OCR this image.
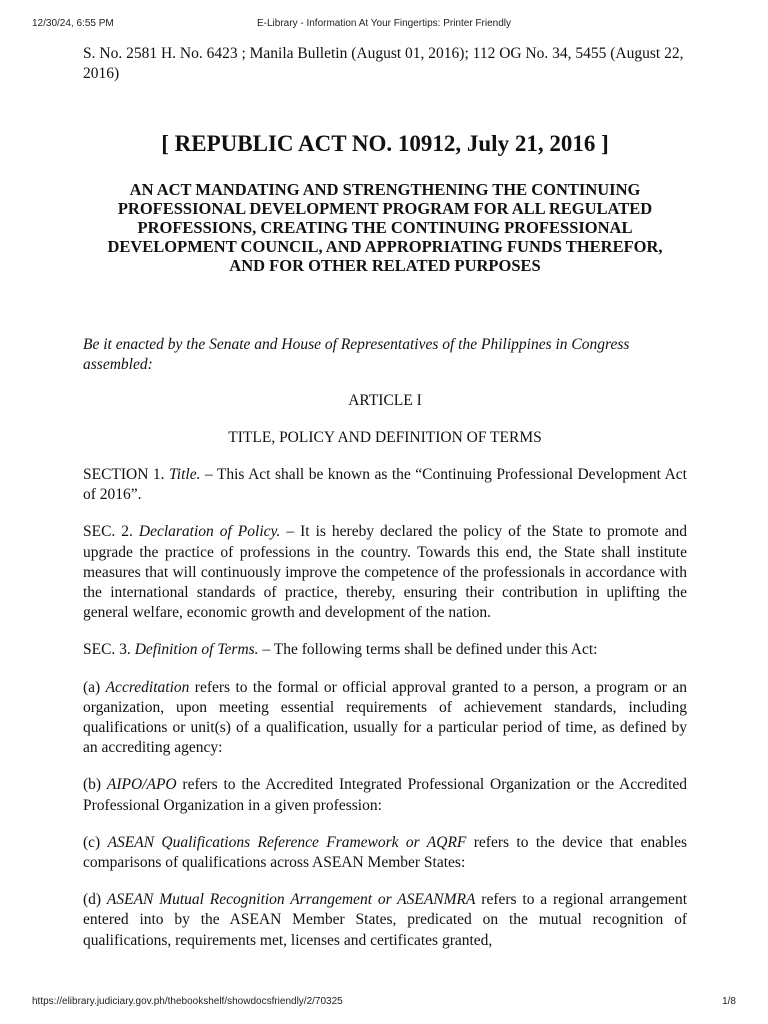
12/30/24, 6:55 PM	E-Library - Information At Your Fingertips: Printer Friendly

S. No. 2581 H. No. 6423 ; Manila Bulletin (August 01, 2016); 112 OG No. 34, 5455 (August 22, 2016)

[ REPUBLIC ACT NO. 10912, July 21, 2016 ]
AN ACT MANDATING AND STRENGTHENING THE CONTINUING PROFESSIONAL DEVELOPMENT PROGRAM FOR ALL REGULATED PROFESSIONS, CREATING THE CONTINUING PROFESSIONAL DEVELOPMENT COUNCIL, AND APPROPRIATING FUNDS THEREFOR, AND FOR OTHER RELATED PURPOSES

Be it enacted by the Senate and House of Representatives of the Philippines in Congress assembled:

ARTICLE I

TITLE, POLICY AND DEFINITION OF TERMS

SECTION 1. Title. – This Act shall be known as the “Continuing Professional Development Act of 2016”.

SEC. 2. Declaration of Policy. – It is hereby declared the policy of the State to promote and upgrade the practice of professions in the country. Towards this end, the State shall institute measures that will continuously improve the competence of the professionals in accordance with the international standards of practice, thereby, ensuring their contribution in uplifting the general welfare, economic growth and development of the nation.

SEC. 3. Definition of Terms. – The following terms shall be defined under this Act:

(a) Accreditation refers to the formal or official approval granted to a person, a program or an organization, upon meeting essential requirements of achievement standards, including qualifications or unit(s) of a qualification, usually for a particular period of time, as defined by an accrediting agency:

(b) AIPO/APO refers to the Accredited Integrated Professional Organization or the Accredited Professional Organization in a given profession:

(c) ASEAN Qualifications Reference Framework or AQRF refers to the device that enables comparisons of qualifications across ASEAN Member States:

(d) ASEAN Mutual Recognition Arrangement or ASEANMRA refers to a regional arrangement entered into by the ASEAN Member States, predicated on the mutual recognition of qualifications, requirements met, licenses and certificates granted,

https://elibrary.judiciary.gov.ph/thebookshelf/showdocsfriendly/2/70325	1/8
